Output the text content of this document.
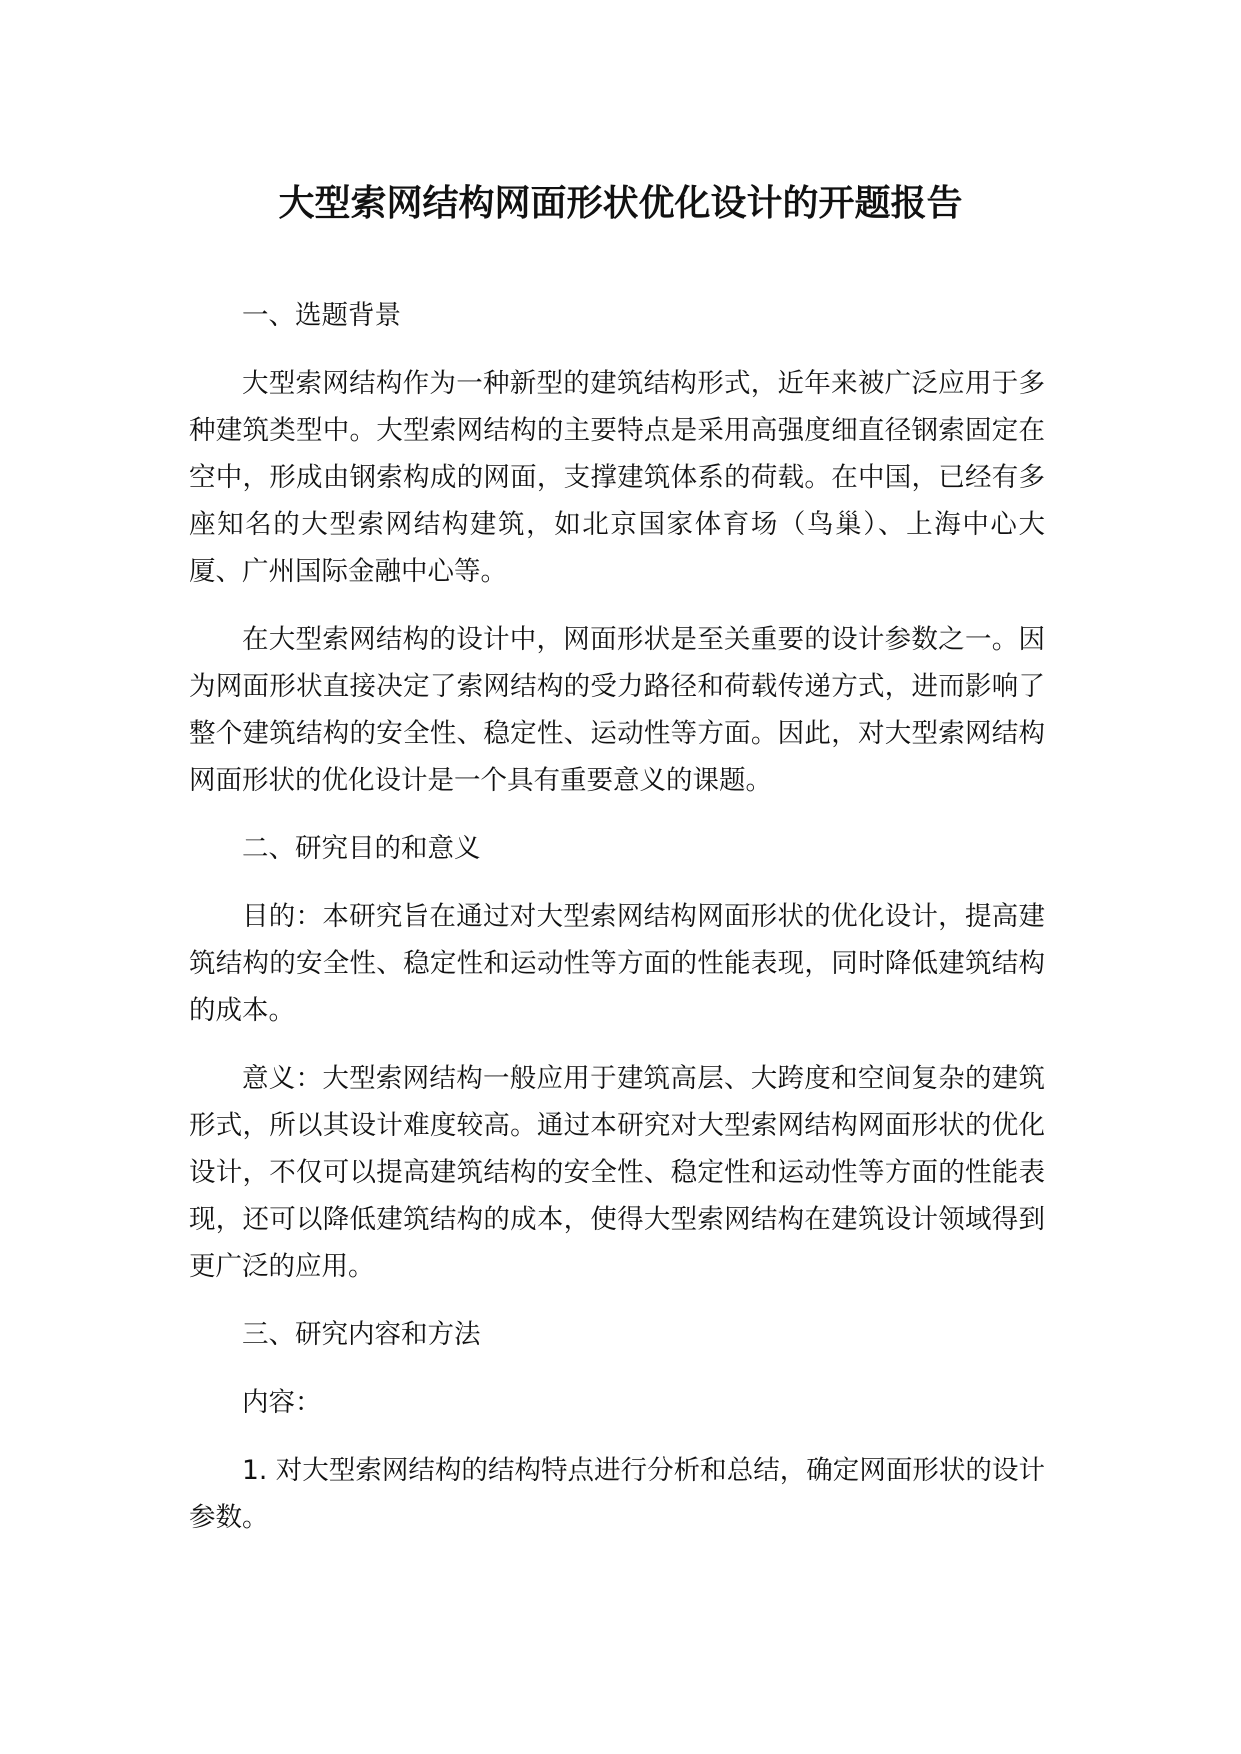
大型索网结构网面形状优化设计的开题报告

一、选题背景

大型索网结构作为一种新型的建筑结构形式，近年来被广泛应用于多种建筑类型中。大型索网结构的主要特点是采用高强度细直径钢索固定在空中，形成由钢索构成的网面，支撑建筑体系的荷载。在中国，已经有多座知名的大型索网结构建筑，如北京国家体育场（鸟巢）、上海中心大厦、广州国际金融中心等。

在大型索网结构的设计中，网面形状是至关重要的设计参数之一。因为网面形状直接决定了索网结构的受力路径和荷载传递方式，进而影响了整个建筑结构的安全性、稳定性、运动性等方面。因此，对大型索网结构网面形状的优化设计是一个具有重要意义的课题。

二、研究目的和意义

目的：本研究旨在通过对大型索网结构网面形状的优化设计，提高建筑结构的安全性、稳定性和运动性等方面的性能表现，同时降低建筑结构的成本。

意义：大型索网结构一般应用于建筑高层、大跨度和空间复杂的建筑形式，所以其设计难度较高。通过本研究对大型索网结构网面形状的优化设计，不仅可以提高建筑结构的安全性、稳定性和运动性等方面的性能表现，还可以降低建筑结构的成本，使得大型索网结构在建筑设计领域得到更广泛的应用。

三、研究内容和方法

内容：

1. 对大型索网结构的结构特点进行分析和总结，确定网面形状的设计参数。
